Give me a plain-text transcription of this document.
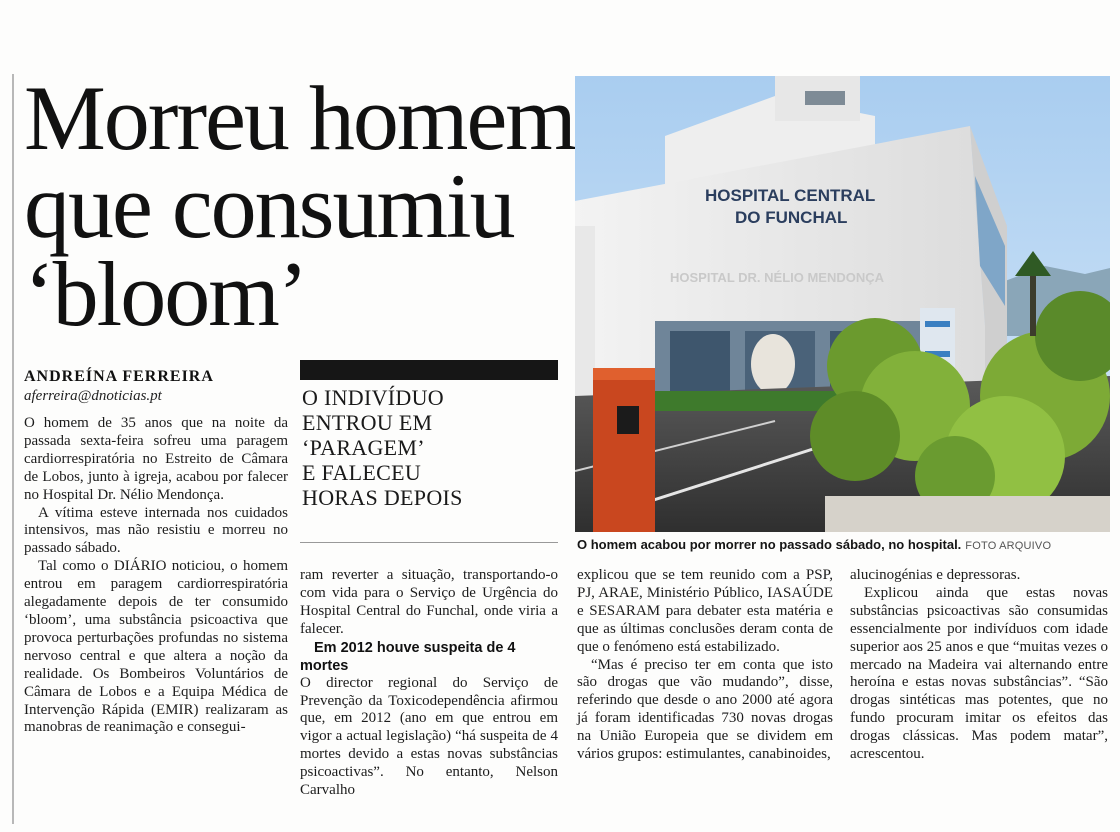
Morreu homem
que consumiu
‘bloom’
HOSPITAL CENTRAL
DO FUNCHAL
HOSPITAL DR. NÉLIO MENDONÇA
O homem acabou por morrer no passado sábado, no hospital. FOTO ARQUIVO
ANDREÍNA FERREIRA
aferreira@dnoticias.pt

O homem de 35 anos que na noite da passada sexta-feira sofreu uma paragem cardiorrespiratória no Estreito de Câmara de Lobos, junto à igreja, acabou por falecer no Hospital Dr. Nélio Mendonça.

A vítima esteve internada nos cuidados intensivos, mas não resistiu e morreu no passado sábado.

Tal como o DIÁRIO noticiou, o homem entrou em paragem cardiorrespiratória alegadamente depois de ter consumido ‘bloom’, uma substância psicoactiva que provoca perturbações profundas no sistema nervoso central e que altera a noção da realidade. Os Bombeiros Voluntários de Câmara de Lobos e a Equipa Médica de Intervenção Rápida (EMIR) realizaram as manobras de reanimação e consegui-

O INDIVÍDUO
ENTROU EM
‘PARAGEM’
E FALECEU
HORAS DEPOIS

ram reverter a situação, transportando-o com vida para o Serviço de Urgência do Hospital Central do Funchal, onde viria a falecer.

Em 2012 houve suspeita de 4 mortes

O director regional do Serviço de Prevenção da Toxicodependência afirmou que, em 2012 (ano em que entrou em vigor a actual legislação) “há suspeita de 4 mortes devido a estas novas substâncias psicoactivas”. No entanto, Nelson Carvalho

explicou que se tem reunido com a PSP, PJ, ARAE, Ministério Público, IASAÚDE e SESARAM para debater esta matéria e que as últimas conclusões deram conta de que o fenómeno está estabilizado.

“Mas é preciso ter em conta que isto são drogas que vão mudando”, disse, referindo que desde o ano 2000 até agora já foram identificadas 730 novas drogas na União Europeia que se dividem em vários grupos: estimulantes, canabinoides,

alucinogénias e depressoras.

Explicou ainda que estas novas substâncias psicoactivas são consumidas essencialmente por indivíduos com idade superior aos 25 anos e que “muitas vezes o mercado na Madeira vai alternando entre heroína e estas novas substâncias”. “São drogas sintéticas mas potentes, que no fundo procuram imitar os efeitos das drogas clássicas. Mas podem matar”, acrescentou.
